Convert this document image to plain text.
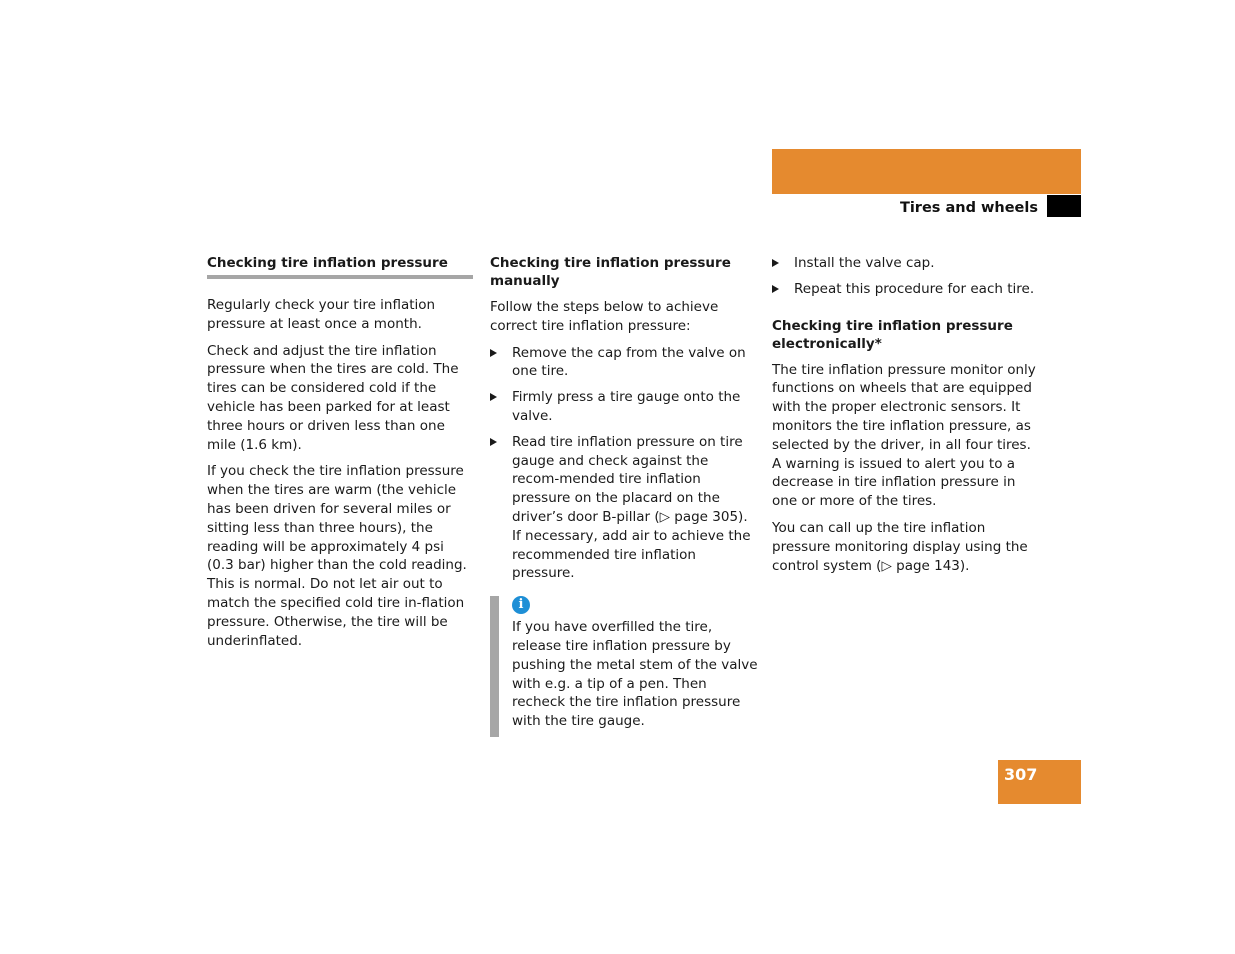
Operation
Tires and wheels
Checking tire inflation pressure

Regularly check your tire inflation pressure at least once a month.

Check and adjust the tire inflation pressure when the tires are cold. The tires can be considered cold if the vehicle has been parked for at least three hours or driven less than one mile (1.6 km).

If you check the tire inflation pressure when the tires are warm (the vehicle has been driven for several miles or sitting less than three hours), the reading will be approximately 4 psi (0.3 bar) higher than the cold reading. This is normal. Do not let air out to match the specified cold tire in-flation pressure. Otherwise, the tire will be underinflated.

Checking tire inflation pressure manually

Follow the steps below to achieve correct tire inflation pressure:

Remove the cap from the valve on one tire.
Firmly press a tire gauge onto the valve.
Read tire inflation pressure on tire gauge and check against the recom-mended tire inflation pressure on the placard on the driver’s door B-pillar (▷ page 305). If necessary, add air to achieve the recommended tire inflation pressure.
i
If you have overfilled the tire, release tire inflation pressure by pushing the metal stem of the valve with e.g. a tip of a pen. Then recheck the tire inflation pressure with the tire gauge.
Install the valve cap.
Repeat this procedure for each tire.
Checking tire inflation pressure electronically*

The tire inflation pressure monitor only functions on wheels that are equipped with the proper electronic sensors. It monitors the tire inflation pressure, as selected by the driver, in all four tires. A warning is issued to alert you to a decrease in tire inflation pressure in one or more of the tires.

You can call up the tire inflation pressure monitoring display using the control system (▷ page 143).

307
